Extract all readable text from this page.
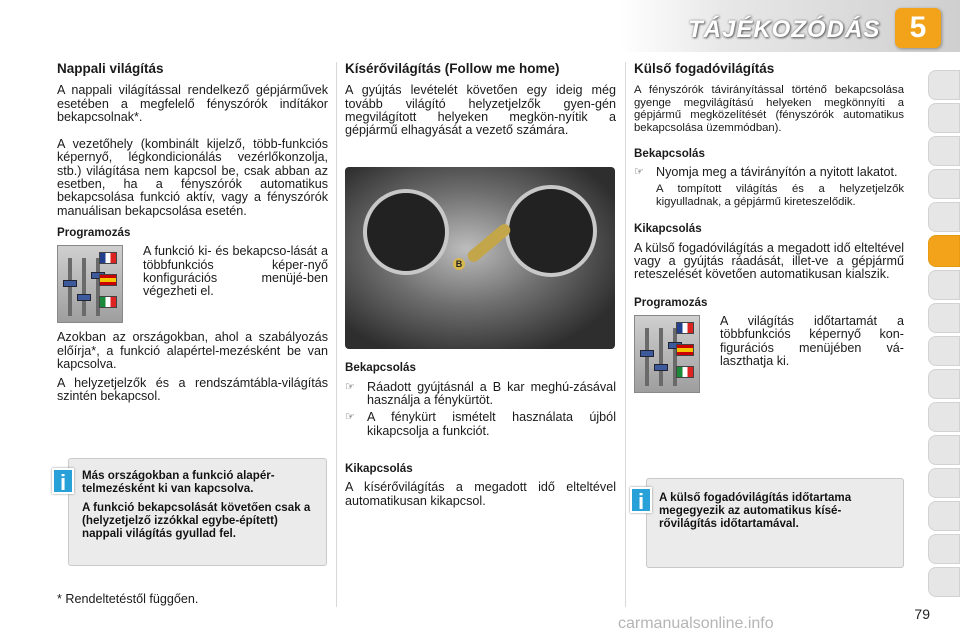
TÁJÉKOZÓDÁS 5
Nappali világítás

A nappali világítással rendelkező gépjárművek esetében a megfelelő fényszórók indítákor bekapcsolnak*.

A vezetőhely (kombinált kijelző, több-funkciós képernyő, légkondicionálás vezérlőkonzolja, stb.) világítása nem kapcsol be, csak abban az esetben, ha a fényszórók automatikus bekapcsolása funkció aktív, vagy a fényszórók manuálisan bekapcsolása esetén.

Programozás

A funkció ki- és bekapcso-lását a többfunkciós képer-nyő konfigurációs menüjé-ben végezheti el.

Azokban az országokban, ahol a szabályozás előírja*, a funkció alapértel-mezésként be van kapcsolva.

A helyzetjelzők és a rendszámtábla-világítás szintén bekapcsol.

Más országokban a funkció alapér-telmezésként ki van kapcsolva.

A funkció bekapcsolását követően csak a (helyzetjelző izzókkal egybe-épített) nappali világítás gyullad fel.

i
* Rendeltetéstől függően.
Kísérővilágítás (Follow me home)

A gyújtás levételét követően egy ideig még tovább világító helyzetjelzők gyen-gén megvilágított helyeken megkön-nyítik a gépjármű elhagyását a vezető számára.

B
Bekapcsolás
☞ Ráadott gyújtásnál a B kar meghú-zásával használja a fénykürtöt.
☞ A fénykürt ismételt használata újból kikapcsolja a funkciót.
Kikapcsolás

A kísérővilágítás a megadott idő elteltével automatikusan kikapcsol.

Külső fogadóvilágítás

A fényszórók távirányítással történő bekapcsolása gyenge megvilágítású helyeken megkönnyíti a gépjármű megközelítését (fényszórók automatikus bekapcsolása üzemmódban).

Bekapcsolás
☞ Nyomja meg a távirányítón a nyitott lakatot.

A tompított világítás és a helyzetjelzők kigyulladnak, a gépjármű kireteszelődik.

Kikapcsolás

A külső fogadóvilágítás a megadott idő elteltével vagy a gyújtás ráadását, illet-ve a gépjármű reteszelését követően automatikusan kialszik.

Programozás

A világítás időtartamát a többfunkciós képernyő kon-figurációs menüjében vá-laszthatja ki.

A külső fogadóvilágítás időtartama megegyezik az automatikus kísé-rővilágítás időtartamával.

i
79
carmanualsonline.info
